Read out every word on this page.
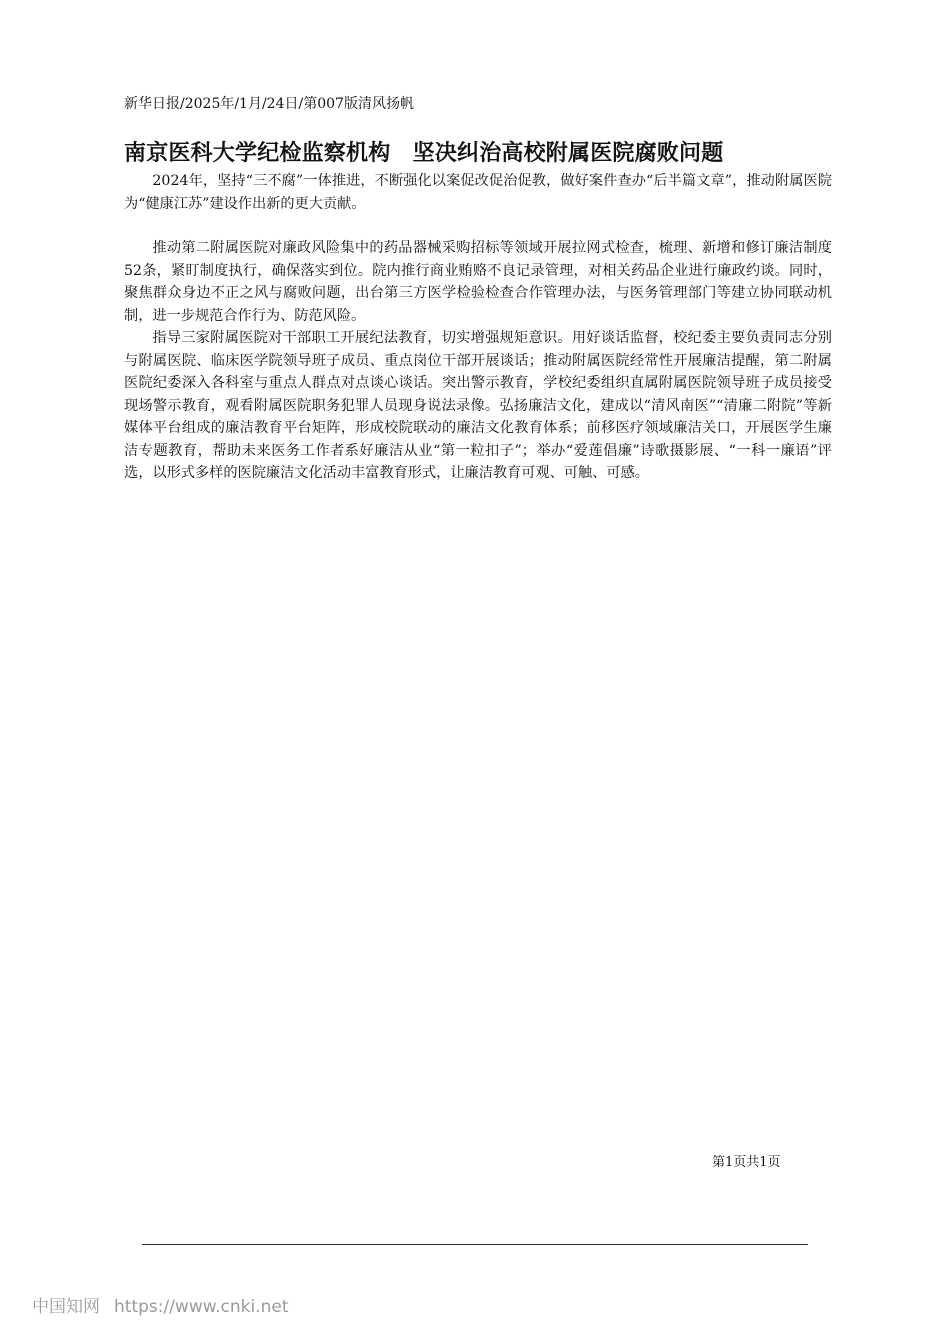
新华日报/2025年/1月/24日/第007版清风扬帆
南京医科大学纪检监察机构　坚决纠治高校附属医院腐败问题

2024年，坚持“三不腐”一体推进，不断强化以案促改促治促教，做好案件查办“后半篇文章”，推动附属医院为“健康江苏”建设作出新的更大贡献。

推动第二附属医院对廉政风险集中的药品器械采购招标等领域开展拉网式检查，梳理、新增和修订廉洁制度52条，紧盯制度执行，确保落实到位。院内推行商业贿赂不良记录管理，对相关药品企业进行廉政约谈。同时，聚焦群众身边不正之风与腐败问题，出台第三方医学检验检查合作管理办法，与医务管理部门等建立协同联动机制，进一步规范合作行为、防范风险。

指导三家附属医院对干部职工开展纪法教育，切实增强规矩意识。用好谈话监督，校纪委主要负责同志分别与附属医院、临床医学院领导班子成员、重点岗位干部开展谈话；推动附属医院经常性开展廉洁提醒，第二附属医院纪委深入各科室与重点人群点对点谈心谈话。突出警示教育，学校纪委组织直属附属医院领导班子成员接受现场警示教育，观看附属医院职务犯罪人员现身说法录像。弘扬廉洁文化，建成以“清风南医”“清廉二附院”等新媒体平台组成的廉洁教育平台矩阵，形成校院联动的廉洁文化教育体系；前移医疗领域廉洁关口，开展医学生廉洁专题教育，帮助未来医务工作者系好廉洁从业“第一粒扣子”；举办“爱莲倡廉”诗歌摄影展、“一科一廉语”评选，以形式多样的医院廉洁文化活动丰富教育形式，让廉洁教育可观、可触、可感。

第1页共1页
中国知网 https://www.cnki.net
